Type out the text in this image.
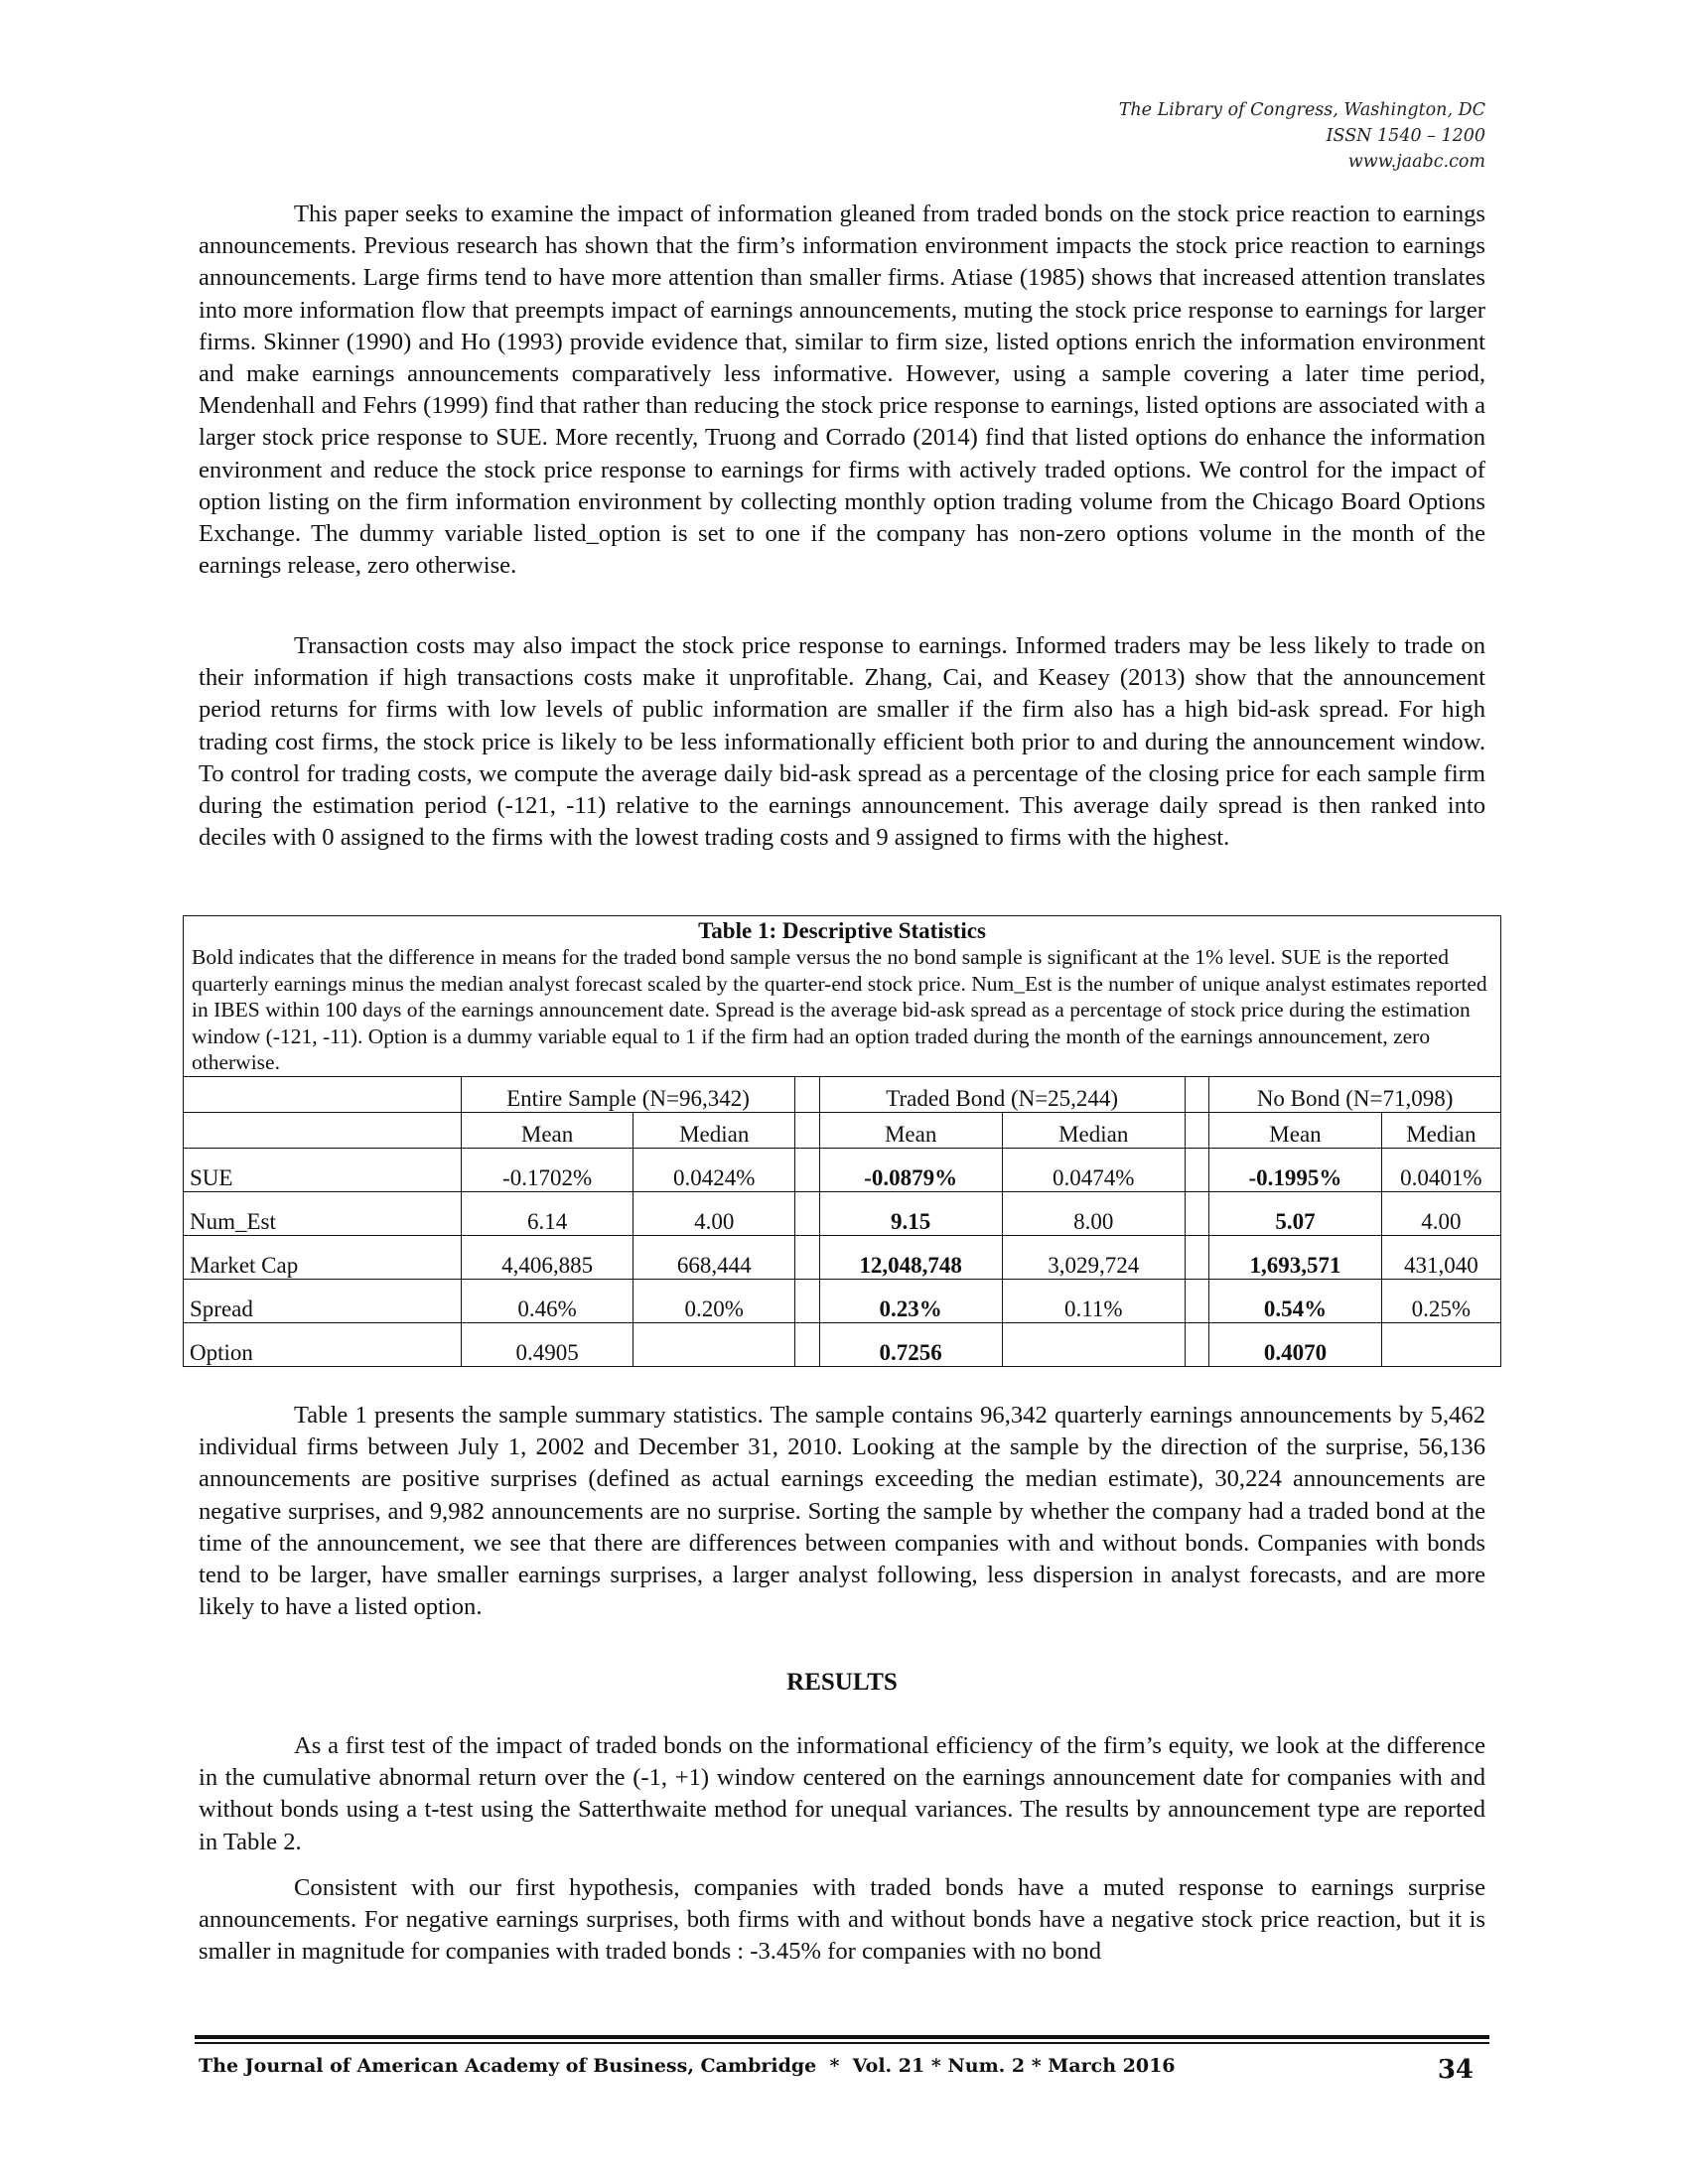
The Library of Congress, Washington, DC
ISSN 1540 – 1200
www.jaabc.com
This paper seeks to examine the impact of information gleaned from traded bonds on the stock price reaction to earnings announcements. Previous research has shown that the firm’s information environment impacts the stock price reaction to earnings announcements. Large firms tend to have more attention than smaller firms. Atiase (1985) shows that increased attention translates into more information flow that preempts impact of earnings announcements, muting the stock price response to earnings for larger firms. Skinner (1990) and Ho (1993) provide evidence that, similar to firm size, listed options enrich the information environment and make earnings announcements comparatively less informative. However, using a sample covering a later time period, Mendenhall and Fehrs (1999) find that rather than reducing the stock price response to earnings, listed options are associated with a larger stock price response to SUE. More recently, Truong and Corrado (2014) find that listed options do enhance the information environment and reduce the stock price response to earnings for firms with actively traded options. We control for the impact of option listing on the firm information environment by collecting monthly option trading volume from the Chicago Board Options Exchange. The dummy variable listed_option is set to one if the company has non-zero options volume in the month of the earnings release, zero otherwise.
Transaction costs may also impact the stock price response to earnings. Informed traders may be less likely to trade on their information if high transactions costs make it unprofitable. Zhang, Cai, and Keasey (2013) show that the announcement period returns for firms with low levels of public information are smaller if the firm also has a high bid-ask spread. For high trading cost firms, the stock price is likely to be less informationally efficient both prior to and during the announcement window. To control for trading costs, we compute the average daily bid-ask spread as a percentage of the closing price for each sample firm during the estimation period (-121, -11) relative to the earnings announcement. This average daily spread is then ranked into deciles with 0 assigned to the firms with the lowest trading costs and 9 assigned to firms with the highest.
Table 1: Descriptive Statistics
Bold indicates that the difference in means for the traded bond sample versus the no bond sample is significant at the 1% level. SUE is the reported quarterly earnings minus the median analyst forecast scaled by the quarter-end stock price. Num_Est is the number of unique analyst estimates reported in IBES within 100 days of the earnings announcement date. Spread is the average bid-ask spread as a percentage of stock price during the estimation window (-121, -11). Option is a dummy variable equal to 1 if the firm had an option traded during the month of the earnings announcement, zero otherwise.								

	Entire Sample (N=96,342)			Traded Bond (N=25,244)			No Bond (N=71,098)	
	Mean	Median		Mean	Median		Mean	Median
SUE	-0.1702%	0.0424%		-0.0879%	0.0474%		-0.1995%	0.0401%
Num_Est	6.14	4.00		9.15	8.00		5.07	4.00
Market Cap	4,406,885	668,444		12,048,748	3,029,724		1,693,571	431,040
Spread	0.46%	0.20%		0.23%	0.11%		0.54%	0.25%
Option	0.4905			0.7256			0.4070	
Table 1 presents the sample summary statistics. The sample contains 96,342 quarterly earnings announcements by 5,462 individual firms between July 1, 2002 and December 31, 2010. Looking at the sample by the direction of the surprise, 56,136 announcements are positive surprises (defined as actual earnings exceeding the median estimate), 30,224 announcements are negative surprises, and 9,982 announcements are no surprise. Sorting the sample by whether the company had a traded bond at the time of the announcement, we see that there are differences between companies with and without bonds. Companies with bonds tend to be larger, have smaller earnings surprises, a larger analyst following, less dispersion in analyst forecasts, and are more likely to have a listed option.
RESULTS
As a first test of the impact of traded bonds on the informational efficiency of the firm’s equity, we look at the difference in the cumulative abnormal return over the (-1, +1) window centered on the earnings announcement date for companies with and without bonds using a t-test using the Satterthwaite method for unequal variances. The results by announcement type are reported in Table 2.
Consistent with our first hypothesis, companies with traded bonds have a muted response to earnings surprise announcements. For negative earnings surprises, both firms with and without bonds have a negative stock price reaction, but it is smaller in magnitude for companies with traded bonds : -3.45% for companies with no bond
The Journal of American Academy of Business, Cambridge  *  Vol. 21 * Num. 2 * March 2016	34
